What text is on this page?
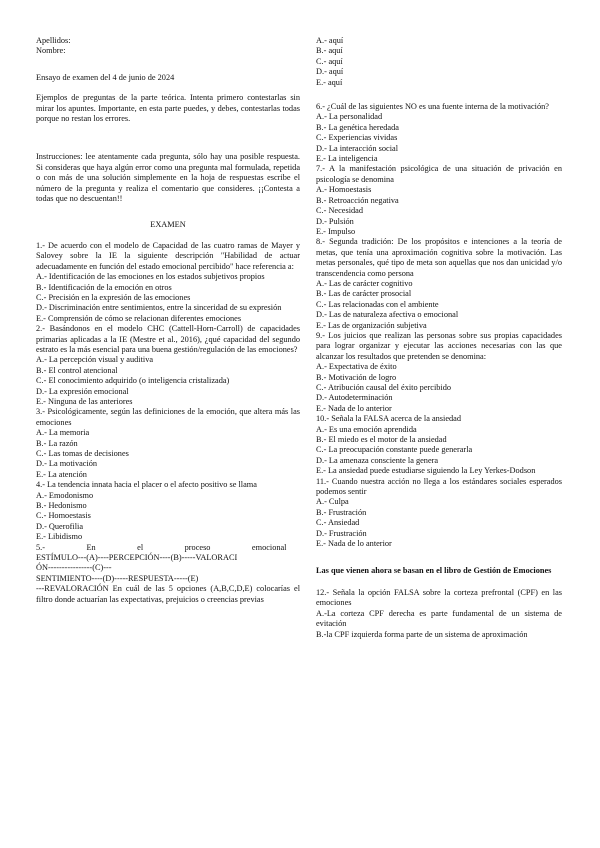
Apellidos:
Nombre:
Ensayo de examen del 4 de junio de 2024
Ejemplos de preguntas de la parte teórica. Intenta primero contestarlas sin mirar los apuntes. Importante, en esta parte puedes, y debes, contestarlas todas porque no restan los errores.
Instrucciones: lee atentamente cada pregunta, sólo hay una posible respuesta. Si consideras que haya algún error como una pregunta mal formulada, repetida o con más de una solución simplemente en la hoja de respuestas escribe el número de la pregunta y realiza el comentario que consideres. ¡¡Contesta a todas que no descuentan!!
EXAMEN
1.- De acuerdo con el modelo de Capacidad de las cuatro ramas de Mayer y Salovey sobre la IE la siguiente descripción "Habilidad de actuar adecuadamente en función del estado emocional percibido" hace referencia a:
A.- Identificación de las emociones en los estados subjetivos propios
B.- Identificación de la emoción en otros
C.- Precisión en la expresión de las emociones
D.- Discriminación entre sentimientos, entre la sinceridad de su expresión
E.- Comprensión de cómo se relacionan diferentes emociones
2.- Basándonos en el modelo CHC (Cattell-Horn-Carroll) de capacidades primarias aplicadas a la IE (Mestre et al., 2016), ¿qué capacidad del segundo estrato es la más esencial para una buena gestión/regulación de las emociones?
A.- La percepción visual y auditiva
B.- El control atencional
C.- El conocimiento adquirido (o inteligencia cristalizada)
D.- La expresión emocional
E.- Ninguna de las anteriores
3.- Psicológicamente, según las definiciones de la emoción, que altera más las emociones
A.- La memoria
B.- La razón
C.- Las tomas de decisiones
D.- La motivación
E.- La atención
4.- La tendencia innata hacia el placer o el afecto positivo se llama
A.- Emodonismo
B.- Hedonismo
C.- Homoestasis
D.- Querofilia
E.- Libidismo
5.-                    En                    el                    proceso                    emocional
ESTÍMULO---(A)----PERCEPCIÓN----(B)-----VALORACI
ÓN----------------(C)---
SENTIMIENTO----(D)-----RESPUESTA-----(E)
---REVALORACIÓN En cuál de las 5 opciones (A,B,C,D,E) colocarías el filtro donde actuarían las expectativas, prejuicios o creencias previas
A.- aquí
B.- aquí
C.- aquí
D.- aquí
E.- aquí
6.- ¿Cuál de las siguientes NO es una fuente interna de la motivación?
A.- La personalidad
B.- La genética heredada
C.- Experiencias vividas
D.- La interacción social
E.- La inteligencia
7.- A la manifestación psicológica de una situación de privación en psicología se denomina
A.- Homoestasis
B.- Retroacción negativa
C.- Necesidad
D.- Pulsión
E.- Impulso
8.- Segunda tradición: De los propósitos e intenciones a la teoría de metas, que tenía una aproximación cognitiva sobre la motivación. Las metas personales, qué tipo de meta son aquellas que nos dan unicidad y/o transcendencia como persona
A.- Las de carácter cognitivo
B.- Las de carácter prosocial
C.- Las relacionadas con el ambiente
D.- Las de naturaleza afectiva o emocional
E.- Las de organización subjetiva
9.- Los juicios que realizan las personas sobre sus propias capacidades para lograr organizar y ejecutar las acciones necesarias con las que alcanzar los resultados que pretenden se denomina:
A.- Expectativa de éxito
B.- Motivación de logro
C.- Atribución causal del éxito percibido
D.- Autodeterminación
E.- Nada de lo anterior
10.- Señala la FALSA acerca de la ansiedad
A.- Es una emoción aprendida
B.- El miedo es el motor de la ansiedad
C.- La preocupación constante puede generarla
D.- La amenaza consciente la genera
E.- La ansiedad puede estudiarse siguiendo la Ley Yerkes-Dodson
11.- Cuando nuestra acción no llega a los estándares sociales esperados podemos sentir
A.- Culpa
B.- Frustración
C.- Ansiedad
D.- Frustración
E.- Nada de lo anterior
Las que vienen ahora se basan en el libro de Gestión de Emociones
12.- Señala la opción FALSA sobre la corteza prefrontal (CPF) en las emociones
A.-La corteza CPF derecha es parte fundamental de un sistema de evitación
B.-la CPF izquierda forma parte de un sistema de aproximación
